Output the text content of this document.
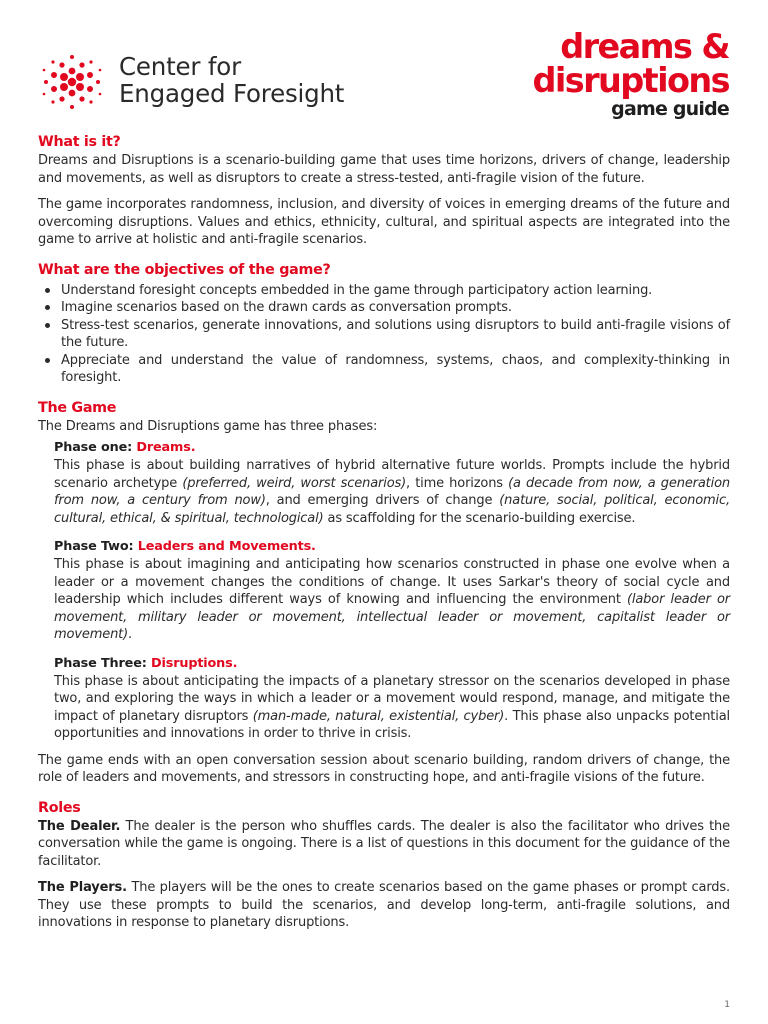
Center for
Engaged Foresight
dreams &
disruptions
game guide
What is it?

Dreams and Disruptions is a scenario-building game that uses time horizons, drivers of change, leadership and movements, as well as disruptors to create a stress-tested, anti-fragile vision of the future.

The game incorporates randomness, inclusion, and diversity of voices in emerging dreams of the future and overcoming disruptions. Values and ethics, ethnicity, cultural, and spiritual aspects are integrated into the game to arrive at holistic and anti-fragile scenarios.

What are the objectives of the game?
Understand foresight concepts embedded in the game through participatory action learning.
Imagine scenarios based on the drawn cards as conversation prompts.
Stress-test scenarios, generate innovations, and solutions using disruptors to build anti-fragile visions of the future.
Appreciate and understand the value of randomness, systems, chaos, and complexity-thinking in foresight.
The Game

The Dreams and Disruptions game has three phases:

Phase one: Dreams.

This phase is about building narratives of hybrid alternative future worlds. Prompts include the hybrid scenario archetype (preferred, weird, worst scenarios), time horizons (a decade from now, a generation from now, a century from now), and emerging drivers of change (nature, social, political, economic, cultural, ethical, & spiritual, technological) as scaffolding for the scenario-building exercise.

Phase Two: Leaders and Movements.

This phase is about imagining and anticipating how scenarios constructed in phase one evolve when a leader or a movement changes the conditions of change. It uses Sarkar's theory of social cycle and leadership which includes different ways of knowing and influencing the environment (labor leader or movement, military leader or movement, intellectual leader or movement, capitalist leader or movement).

Phase Three: Disruptions.

This phase is about anticipating the impacts of a planetary stressor on the scenarios developed in phase two, and exploring the ways in which a leader or a movement would respond, manage, and mitigate the impact of planetary disruptors (man-made, natural, existential, cyber). This phase also unpacks potential opportunities and innovations in order to thrive in crisis.

The game ends with an open conversation session about scenario building, random drivers of change, the role of leaders and movements, and stressors in constructing hope, and anti-fragile visions of the future.

Roles

The Dealer. The dealer is the person who shuffles cards. The dealer is also the facilitator who drives the conversation while the game is ongoing. There is a list of questions in this document for the guidance of the facilitator.

The Players. The players will be the ones to create scenarios based on the game phases or prompt cards. They use these prompts to build the scenarios, and develop long-term, anti-fragile solutions, and innovations in response to planetary disruptions.

1
